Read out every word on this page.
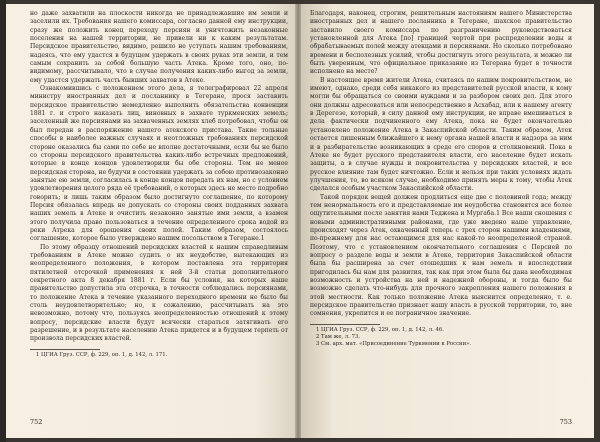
но даже захватили на плоскости никогда не принадлежавшие им земли и заселили их. Требования нашего комиссара, согласно данной ему инструкции, сразу же положить конец переходу персиян и уничтожить незаконные поселения на нашей территории, не привели ни к каким результатам. Персидское правительство, видимо, решило не уступать нашим требованиям, надеясь, что ему удастся в будущем удержать в своих руках эти земли, и тем самым сохранить за собой большую часть Атека. Кроме того, оно, по-видимому, рассчитывало, что в случае получения каких-либо выгод за земли, ему удастся удержать часть бывших захватов в Атеке.

Ознакомившись с положением этого дела, я телеграфировал 22 апреля министру иностранных дел и посланнику в Тегеране, прося заставить персидское правительство немедленно выполнить обязательства конвенции 1881 г. и строго наказать лиц, виновных в захвате туркменских земель; заселенный же персиянами на захваченных землях хлеб потребовал, чтобы он был передан в распоряжение нашего атекского пристава. Такие тольные способы в наиболее важных случаях и неотложных требованиях персидской стороне оказались бы сами по себе не вполне достаточными, если бы не было со стороны персидского правительства каких-либо встречных предложений, которые в конце концов удовлетворили бы обе стороны. Тем не менее персидская сторона, не будучи в состоянии удержать за собою противозаконно занятые ею земли, согласилась в конце концов передать их нам, но с условием удовлетворения целого ряда её требований, о которых здесь не место подробно говорить; и лишь таким образом было достигнуто соглашение, по которому Персия обязалась впредь не допускать со стороны своих подданных захвата наших земель в Атеке и очистить незаконно занятые ими земли, а взамен этого получила право пользоваться в течение определенного срока водой из реки Атрека для орошения своих полей. Таким образом, состоялось соглашение, которое было утверждено нашим посольством в Тегеране.1

По этому образцу отношений персидских властей к нашим справедливым требованиям в Атеке можно судить о их неудобстве, вытекающих из неопределенного положения, в котором поставлена эта территория пятилетней отсрочкой применения к ней 3-й статьи дополнительного секретного акта 8 декабря 1881 г. Если бы условия, на которых наше правительство допустила эта отсрочка, в точности соблюдались персиянами, то положение Атека в течение указанного переходного времени не было бы столь неудовлетворительно; но, к сожалению, рассчитывать на это невозможно, потому что, пользуясь неопределенностью отношений к этому вопросу, персидские власти будут всячески стараться затягивать его разрешение, и в результате населению Атека придется и в будущем терпеть от произвола персидских властей.

1 ЦГИА Груз. ССР, ф. 229, оп. 1, д. 142, л. 171.
752

Благодаря, наконец, строгим, решительным настояниям нашего Министерства иностранных дел и нашего посланника в Тегеране, шахское правительство заставило своего комиссара по разграничению руководствоваться установленной для Атека [по] границей чертой при распределении воды и обрабатываемых полей между атекцами и персиянами. Но сколько потребовано времени и бесполезных усилий, чтобы достигнуть этого результата, и можно ли быть уверенным, что официальное приказание из Тегерана будет в точности исполнено на месте?

В настоящее время жители Атека, считаясь по нашим покровительством, не имеют, однако, среди себя никакого из представителей русской власти, к кому могли бы обращаться со своими нуждами и за разбором своих дел. Для этого они должны адресоваться или непосредственно в Асхабад, или к нашему агенту в Дерегезе, который, в силу данной ему инструкции, не вправе вмешиваться в дела фактически подчиненного ему Атека, пока не будет окончательно установлено положение Атека в Закаспийской области. Таким образом, Атек остается лишенным ближайшего к нему органа нашей власти и надзора за ним и в разбирательстве возникающих в среде его споров и столкновений. Пока в Атеке не будет русского представителя власти, его население будет искать защиты, а в случае нужды и покровительства у персидских властей, и все русское влияние там будет ничтожно. Если и нельзя при таких условиях ждать улучшения, то, во всяком случае, необходимо принять меры к тому, чтобы Атек сделался особым участком Закаспийской области.

Такой порядок вещей должен продлиться еще две с половиной года; между тем ненормальность его и представляемые им неудобства становятся все более ощутительными после занятия нами Теджена и Мургаба.1 Все наши сношения с новыми административными районами, где уже введено наше управление, происходят через Атек, охваченный теперь с трех сторон нашими владениями, по-прежнему для нас остающимся для нас какой-то неопределенной страной. Поэтому, что с установлением окончательного соглашения с Персией по вопросу о разделе воды и земли в Атеке, территория Закаспийской области была бы расширена за счет отошедших к нам земель и впоследствии пригодилась бы нам для развития, так как при этом была бы дана необходимая возможность и устройства на ней и надежной обороны, и тогда было бы возможно сделать что-нибудь для прочного закрепления нашего положения в этой местности. Как только положение Атека выяснится определенно, т. е. персидское правительство признает нашу власть в русской территории, то, вне сомнения, укрепится и ее пограничное значение.

1 ЦГИА Груз. ССР, ф. 229, оп. 1, д. 142, л. 46.
2 Там же, л. 73.
3 См. арх. мат. «Присоединение Туркмении к России».
753
